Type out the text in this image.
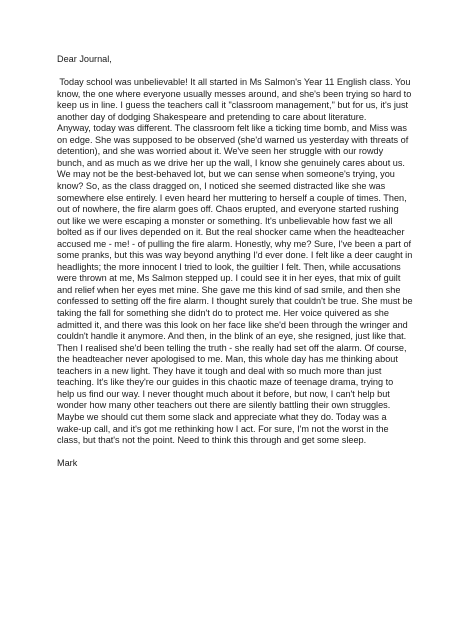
Dear Journal,
Today school was unbelievable! It all started in Ms Salmon's Year 11 English class. You
know, the one where everyone usually messes around, and she's been trying so hard to
keep us in line. I guess the teachers call it "classroom management," but for us, it's just
another day of dodging Shakespeare and pretending to care about literature.
Anyway, today was different. The classroom felt like a ticking time bomb, and Miss was
on edge. She was supposed to be observed (she'd warned us yesterday with threats of
detention), and she was worried about it. We've seen her struggle with our rowdy
bunch, and as much as we drive her up the wall, I know she genuinely cares about us.
We may not be the best-behaved lot, but we can sense when someone's trying, you
know? So, as the class dragged on, I noticed she seemed distracted like she was
somewhere else entirely. I even heard her muttering to herself a couple of times. Then,
out of nowhere, the fire alarm goes off. Chaos erupted, and everyone started rushing
out like we were escaping a monster or something. It's unbelievable how fast we all
bolted as if our lives depended on it. But the real shocker came when the headteacher
accused me - me! - of pulling the fire alarm. Honestly, why me? Sure, I've been a part of
some pranks, but this was way beyond anything I'd ever done. I felt like a deer caught in
headlights; the more innocent I tried to look, the guiltier I felt. Then, while accusations
were thrown at me, Ms Salmon stepped up. I could see it in her eyes, that mix of guilt
and relief when her eyes met mine. She gave me this kind of sad smile, and then she
confessed to setting off the fire alarm. I thought surely that couldn't be true. She must be
taking the fall for something she didn't do to protect me. Her voice quivered as she
admitted it, and there was this look on her face like she'd been through the wringer and
couldn't handle it anymore. And then, in the blink of an eye, she resigned, just like that.
Then I realised she'd been telling the truth - she really had set off the alarm. Of course,
the headteacher never apologised to me. Man, this whole day has me thinking about
teachers in a new light. They have it tough and deal with so much more than just
teaching. It's like they're our guides in this chaotic maze of teenage drama, trying to
help us find our way. I never thought much about it before, but now, I can't help but
wonder how many other teachers out there are silently battling their own struggles.
Maybe we should cut them some slack and appreciate what they do. Today was a
wake-up call, and it's got me rethinking how I act. For sure, I'm not the worst in the
class, but that's not the point. Need to think this through and get some sleep.
Mark
